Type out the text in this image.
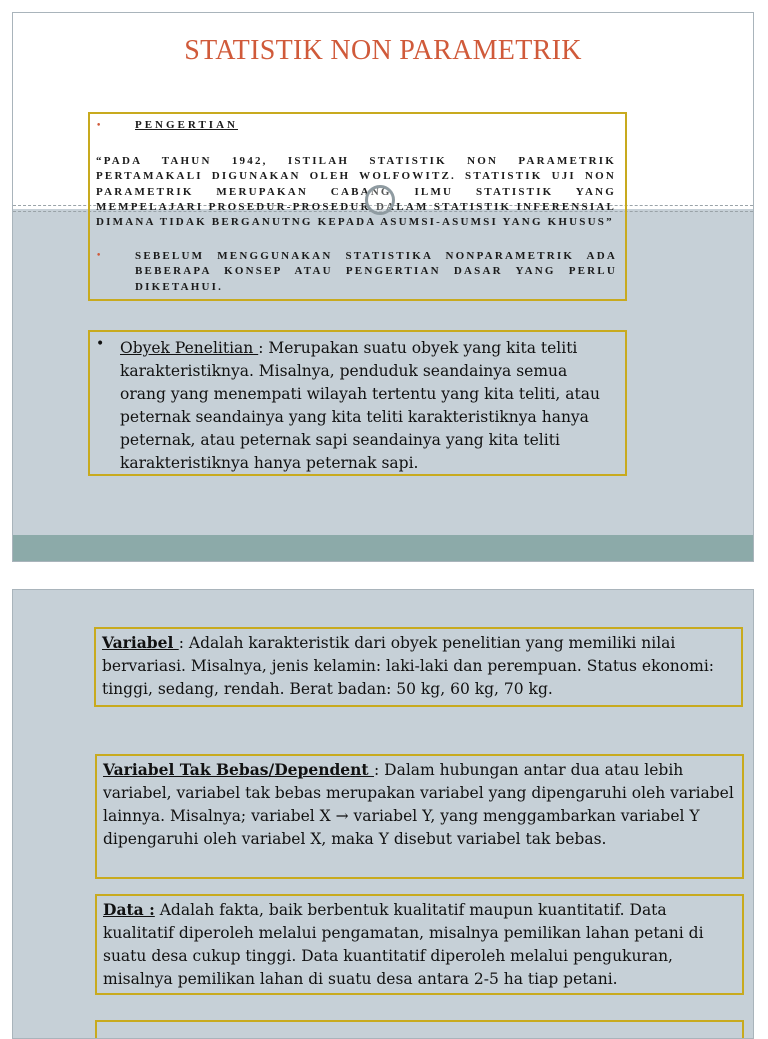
STATISTIK NON PARAMETRIK
•	PENGERTIAN
“PADA TAHUN 1942, ISTILAH STATISTIK NON PARAMETRIK PERTAMAKALI DIGUNAKAN OLEH WOLFOWITZ. STATISTIK UJI NON PARAMETRIK MERUPAKAN CABANG ILMU STATISTIK YANG MEMPELAJARI PROSEDUR-PROSEDUR DALAM STATISTIK INFERENSIAL DIMANA TIDAK BERGANUTNG KEPADA ASUMSI-ASUMSI YANG KHUSUS”
•	SEBELUM MENGGUNAKAN STATISTIKA NONPARAMETRIK ADA BEBERAPA KONSEP ATAU PENGERTIAN DASAR YANG PERLU DIKETAHUI.
• Obyek Penelitian : Merupakan suatu obyek yang kita teliti karakteristiknya. Misalnya, penduduk seandainya semua orang yang menempati wilayah tertentu yang kita teliti, atau peternak seandainya yang kita teliti karakteristiknya hanya peternak, atau peternak sapi seandainya yang kita teliti karakteristiknya hanya peternak sapi.
Variabel : Adalah karakteristik dari obyek penelitian yang memiliki nilai bervariasi. Misalnya, jenis kelamin: laki-laki dan perempuan. Status ekonomi: tinggi, sedang, rendah. Berat badan: 50 kg, 60 kg, 70 kg.
Variabel Tak Bebas/Dependent : Dalam hubungan antar dua atau lebih variabel, variabel tak bebas merupakan variabel yang dipengaruhi oleh variabel lainnya. Misalnya; variabel X → variabel Y, yang menggambarkan variabel Y dipengaruhi oleh variabel X, maka Y disebut variabel tak bebas.
Data : Adalah fakta, baik berbentuk kualitatif maupun kuantitatif. Data kualitatif diperoleh melalui pengamatan, misalnya pemilikan lahan petani di suatu desa cukup tinggi. Data kuantitatif diperoleh melalui pengukuran, misalnya pemilikan lahan di suatu desa antara 2-5 ha tiap petani.
